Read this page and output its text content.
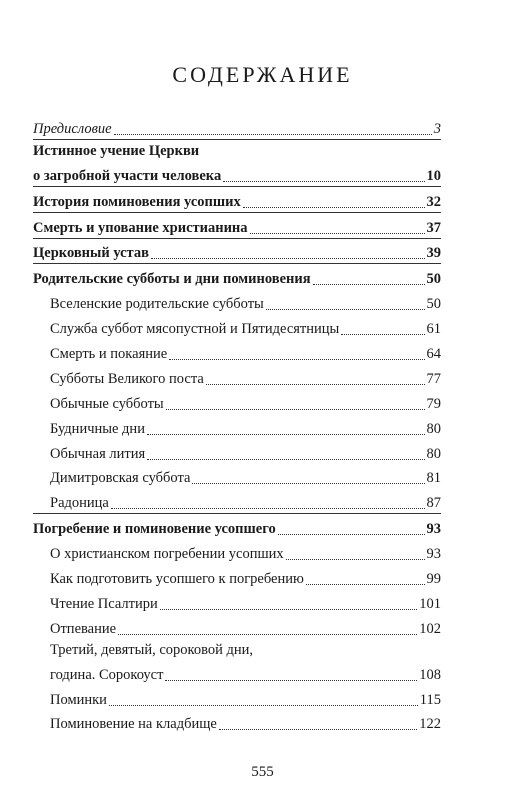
СОДЕРЖАНИЕ
Предисловие	3
Истинное учение Церкви
о загробной участи человека	10
История поминовения усопших	32
Смерть и упование христианина	37
Церковный устав	39
Родительские субботы и дни поминовения	50
Вселенские родительские субботы	50
Служба суббот мясопустной и Пятидесятницы	61
Смерть и покаяние	64
Субботы Великого поста	77
Обычные субботы	79
Будничные дни	80
Обычная лития	80
Димитровская суббота	81
Радоница	87
Погребение и поминовение усопшего	93
О христианском погребении усопших	93
Как подготовить усопшего к погребению	99
Чтение Псалтири	101
Отпевание	102
Третий, девятый, сороковой дни,
година. Сорокоуст	108
Поминки	115
Поминовение на кладбище	122
555
